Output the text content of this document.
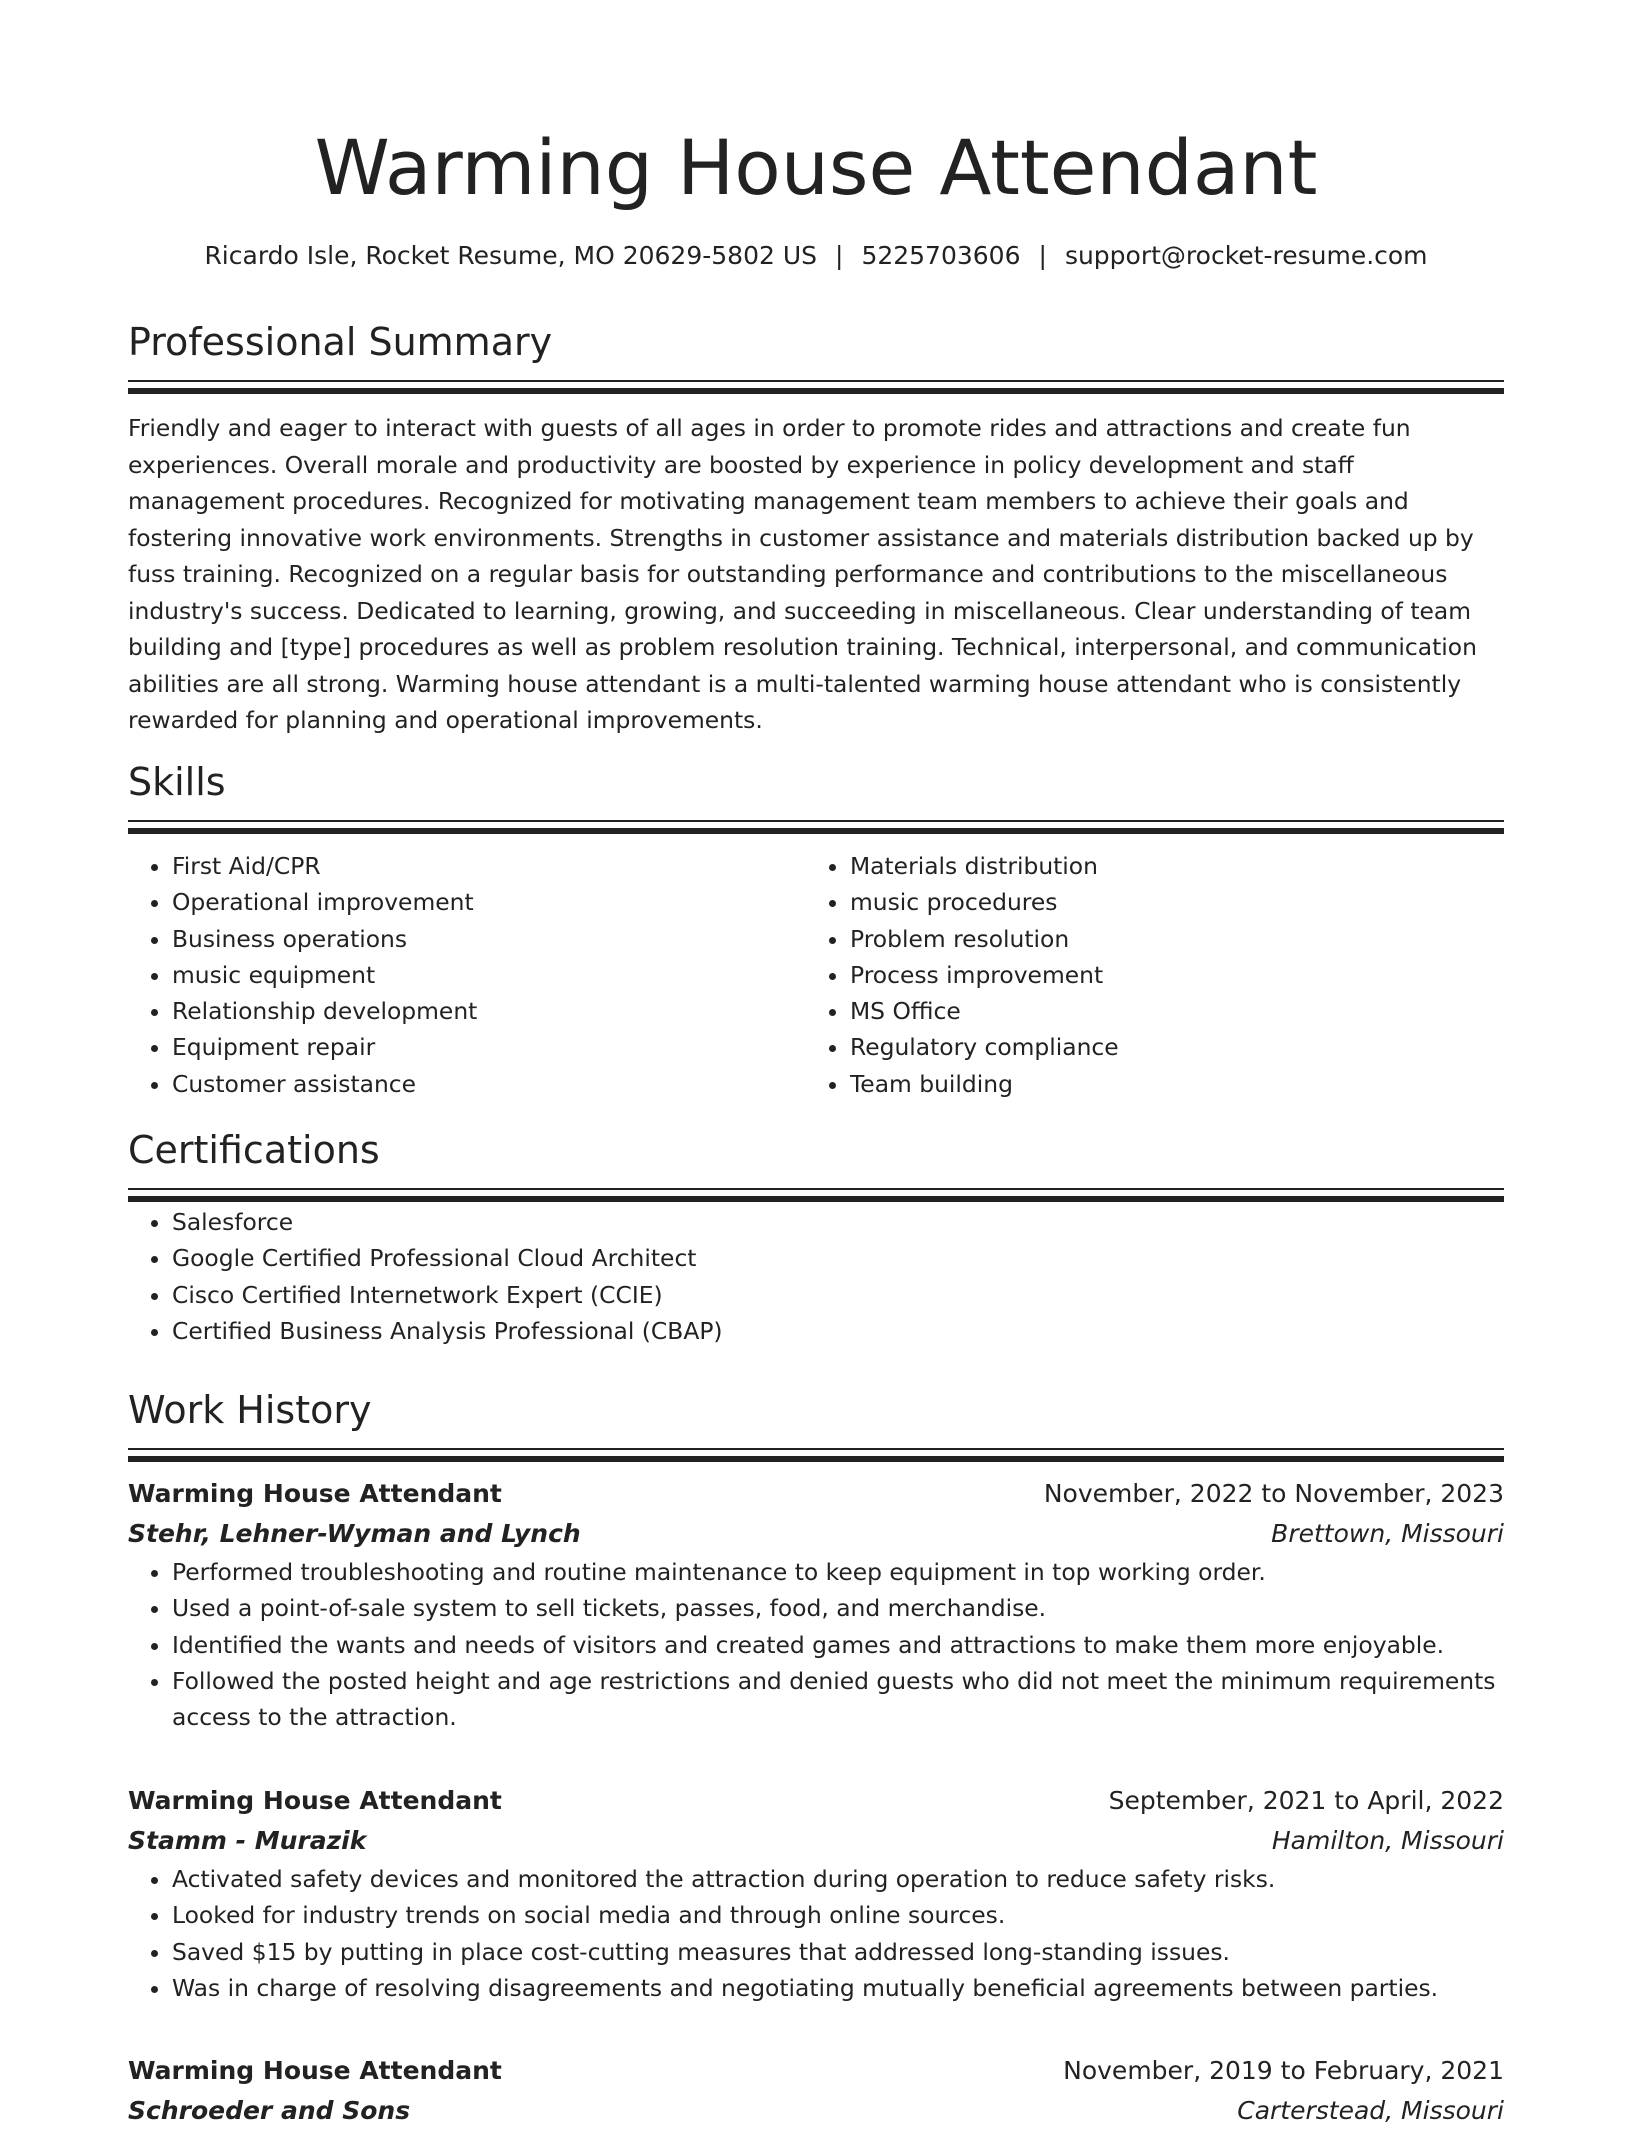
Warming House Attendant
Ricardo Isle, Rocket Resume, MO 20629-5802 US | 5225703606 | support@rocket-resume.com
Professional Summary

Friendly and eager to interact with guests of all ages in order to promote rides and attractions and create fun experiences. Overall morale and productivity are boosted by experience in policy development and staff management procedures. Recognized for motivating management team members to achieve their goals and fostering innovative work environments. Strengths in customer assistance and materials distribution backed up by fuss training. Recognized on a regular basis for outstanding performance and contributions to the miscellaneous industry's success. Dedicated to learning, growing, and succeeding in miscellaneous. Clear understanding of team building and [type] procedures as well as problem resolution training. Technical, interpersonal, and communication abilities are all strong. Warming house attendant is a multi-talented warming house attendant who is consistently rewarded for planning and operational improvements.

Skills
• First Aid/CPR
• Operational improvement
• Business operations
• music equipment
• Relationship development
• Equipment repair
• Customer assistance
• Materials distribution
• music procedures
• Problem resolution
• Process improvement
• MS Office
• Regulatory compliance
• Team building
Certifications
• Salesforce
• Google Certified Professional Cloud Architect
• Cisco Certified Internetwork Expert (CCIE)
• Certified Business Analysis Professional (CBAP)
Work History
Warming House Attendant	November, 2022 to November, 2023
Stehr, Lehner-Wyman and Lynch	Brettown, Missouri
• Performed troubleshooting and routine maintenance to keep equipment in top working order.
• Used a point-of-sale system to sell tickets, passes, food, and merchandise.
• Identified the wants and needs of visitors and created games and attractions to make them more enjoyable.
• Followed the posted height and age restrictions and denied guests who did not meet the minimum requirements access to the attraction.
Warming House Attendant	September, 2021 to April, 2022
Stamm - Murazik	Hamilton, Missouri
• Activated safety devices and monitored the attraction during operation to reduce safety risks.
• Looked for industry trends on social media and through online sources.
• Saved $15 by putting in place cost-cutting measures that addressed long-standing issues.
• Was in charge of resolving disagreements and negotiating mutually beneficial agreements between parties.
Warming House Attendant	November, 2019 to February, 2021
Schroeder and Sons	Carterstead, Missouri
